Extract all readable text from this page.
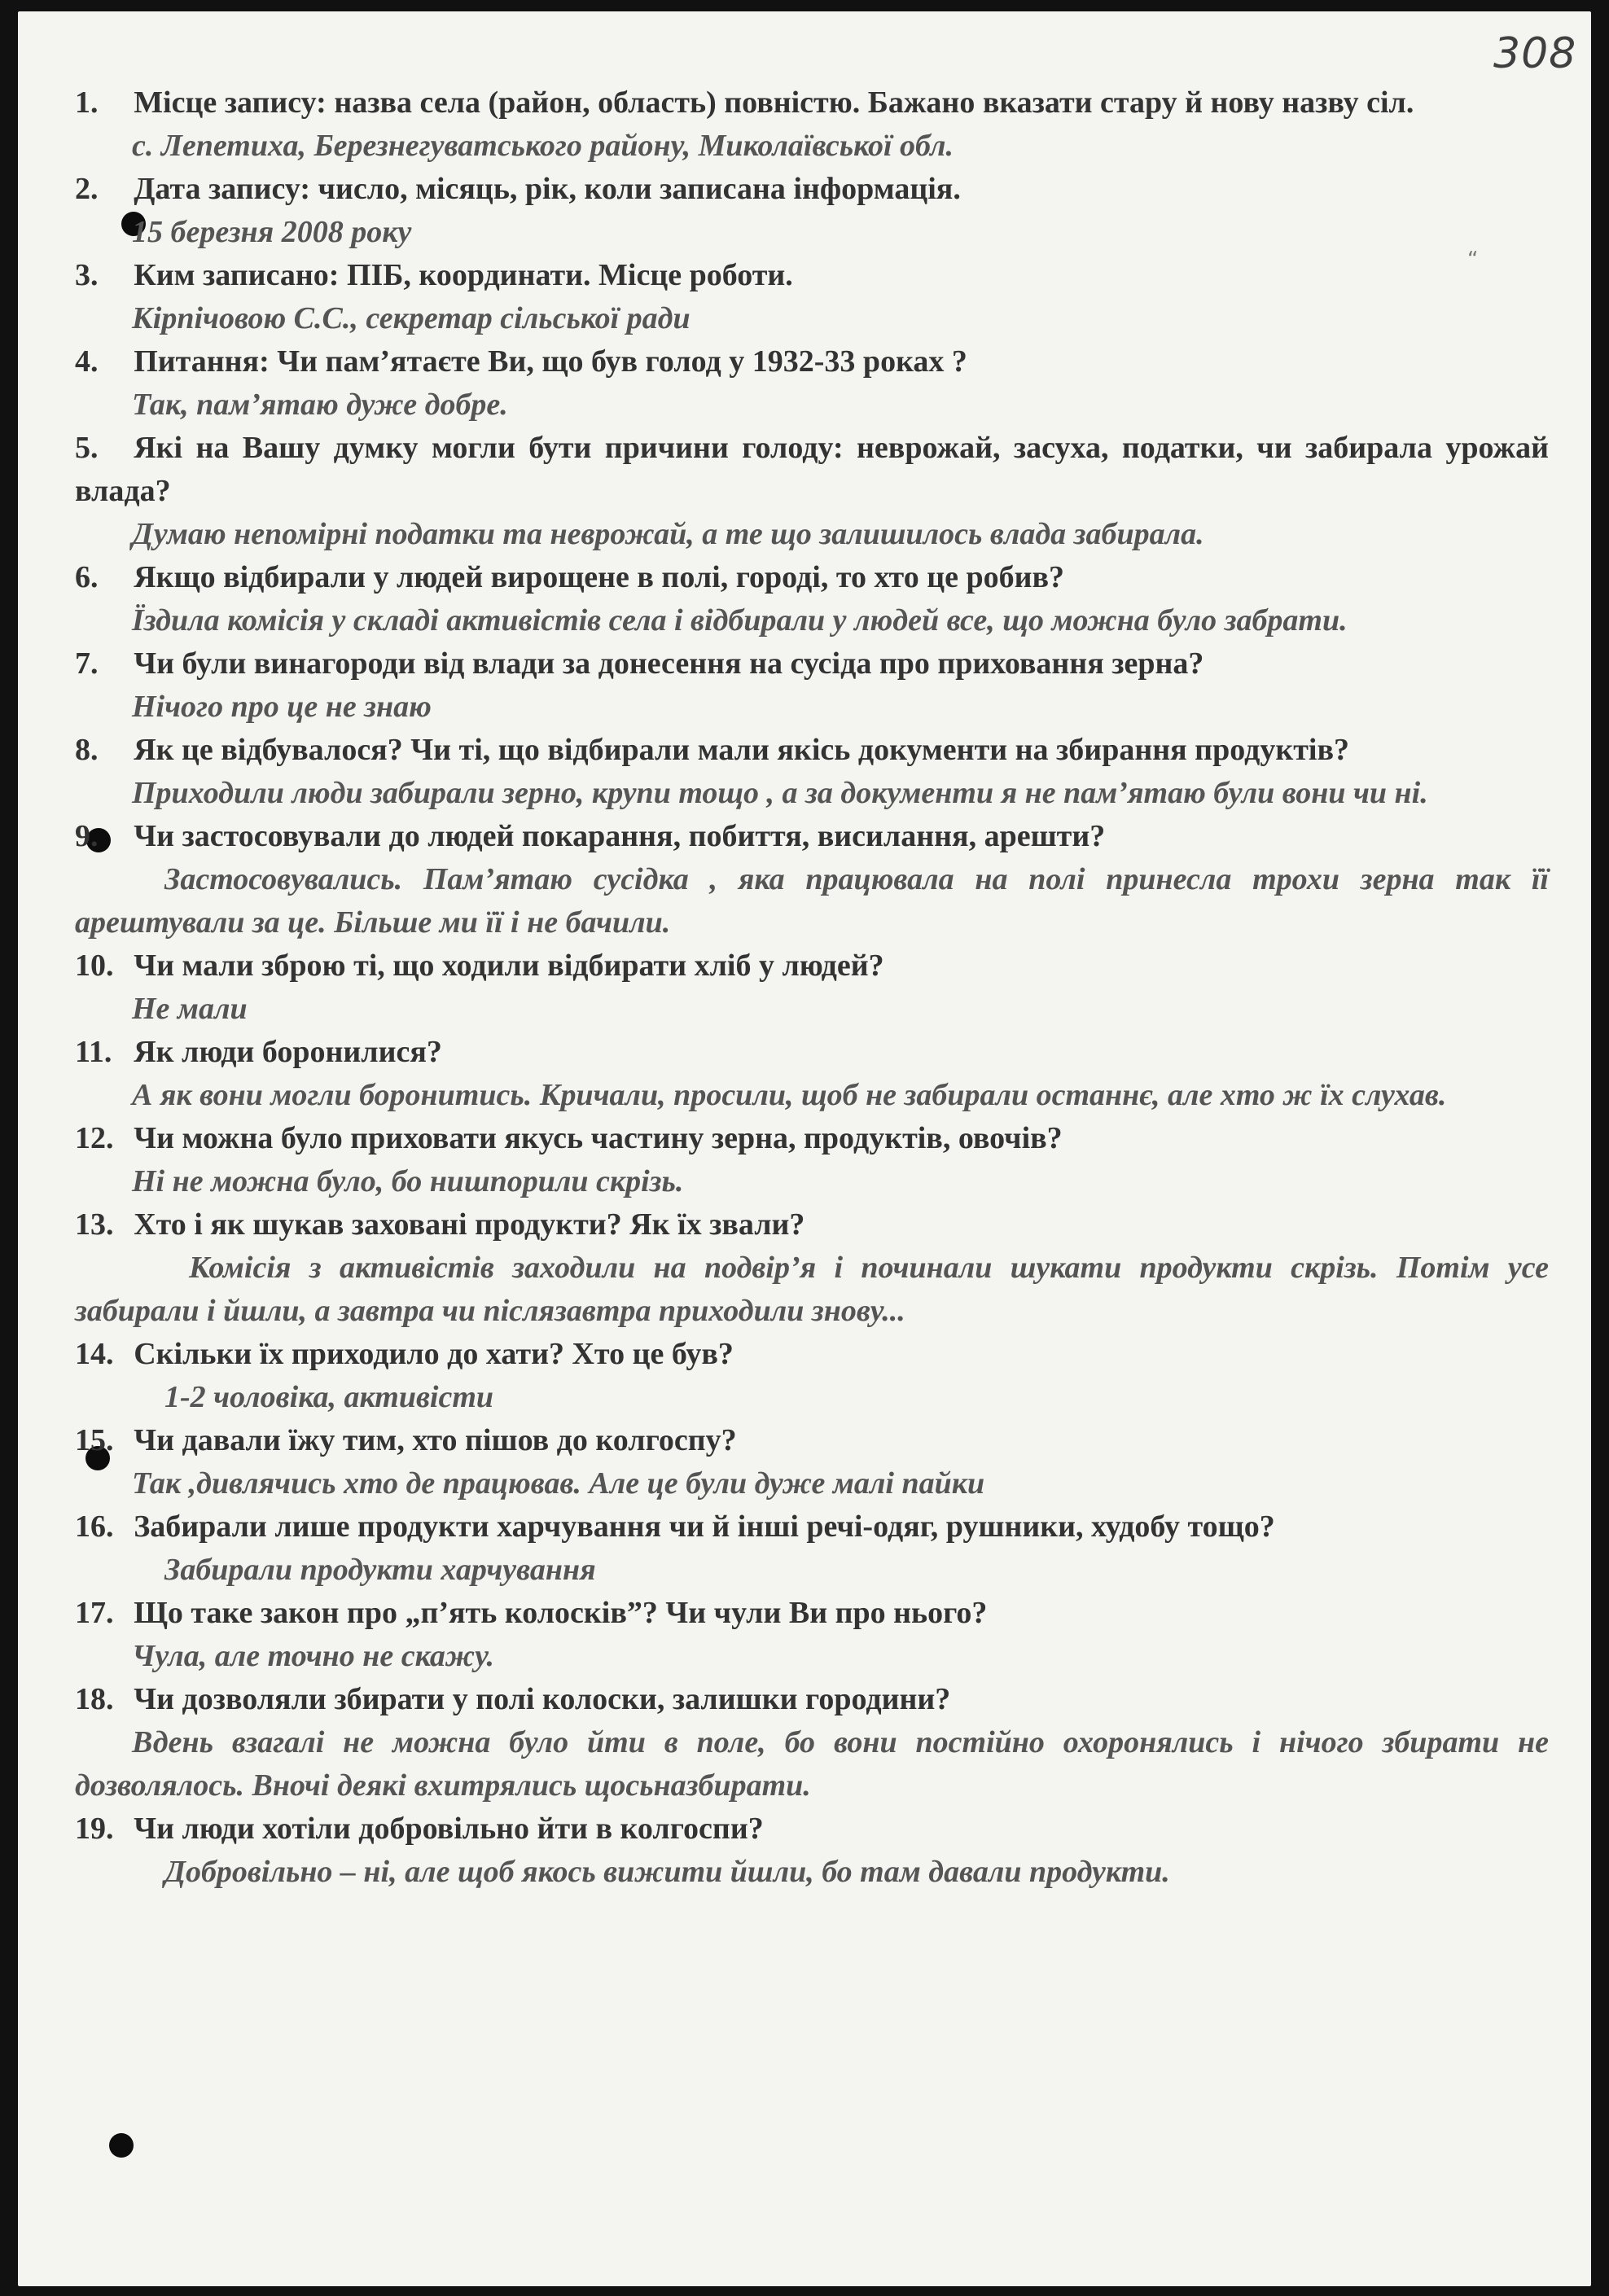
308
“

1. Місце запису: назва села (район, область) повністю. Бажано вказати стару й нову назву сіл.

с. Лепетиха, Березнегуватського району, Миколаївської обл.

2. Дата запису: число, місяць, рік, коли записана інформація.

15 березня 2008 року

3. Ким записано: ПІБ, координати. Місце роботи.

Кірпічовою С.С., секретар сільської ради

4. Питання: Чи пам’ятаєте Ви, що був голод у 1932-33 роках ?

Так, пам’ятаю дуже добре.

5. Які на Вашу думку могли бути причини голоду: неврожай, засуха, податки, чи забирала урожай влада?

Думаю непомірні податки та неврожай, а те що залишилось влада забирала.

6. Якщо відбирали у людей вирощене в полі, городі, то хто це робив?

Їздила комісія у складі активістів села і відбирали у людей все, що можна було забрати.

7. Чи були винагороди від влади за донесення на сусіда про приховання зерна?

Нічого про це не знаю

8. Як це відбувалося? Чи ті, що відбирали мали якісь документи на збирання продуктів?

Приходили люди забирали зерно, крупи тощо , а за документи я не пам’ятаю були вони чи ні.

9. Чи застосовували до людей покарання, побиття, висилання, арешти?

Застосовувались. Пам’ятаю сусідка , яка працювала на полі принесла трохи зерна так її арештували за це. Більше ми її і не бачили.

10. Чи мали зброю ті, що ходили відбирати хліб у людей?

Не мали

11. Як люди боронилися?

А як вони могли боронитись. Кричали, просили, щоб не забирали останнє, але хто ж їх слухав.

12. Чи можна було приховати якусь частину зерна, продуктів, овочів?

Ні не можна було, бо нишпорили скрізь.

13. Хто і як шукав заховані продукти? Як їх звали?

Комісія з активістів заходили на подвір’я і починали шукати продукти скрізь. Потім усе забирали і йшли, а завтра чи післязавтра приходили знову...

14. Скільки їх приходило до хати? Хто це був?

1-2 чоловіка, активісти

15. Чи давали їжу тим, хто пішов до колгоспу?

Так ,дивлячись хто де працював. Але це були дуже малі пайки

16. Забирали лише продукти харчування чи й інші речі-одяг, рушники, худобу тощо?

Забирали продукти харчування

17. Що таке закон про „п’ять колосків”? Чи чули Ви про нього?

Чула, але точно не скажу.

18. Чи дозволяли збирати у полі колоски, залишки городини?

Вдень взагалі не можна було йти в поле, бо вони постійно охоронялись і нічого збирати не дозволялось. Вночі деякі вхитрялись щосьназбирати.

19. Чи люди хотіли добровільно йти в колгоспи?

Добровільно – ні, але щоб якось вижити йшли, бо там давали продукти.
